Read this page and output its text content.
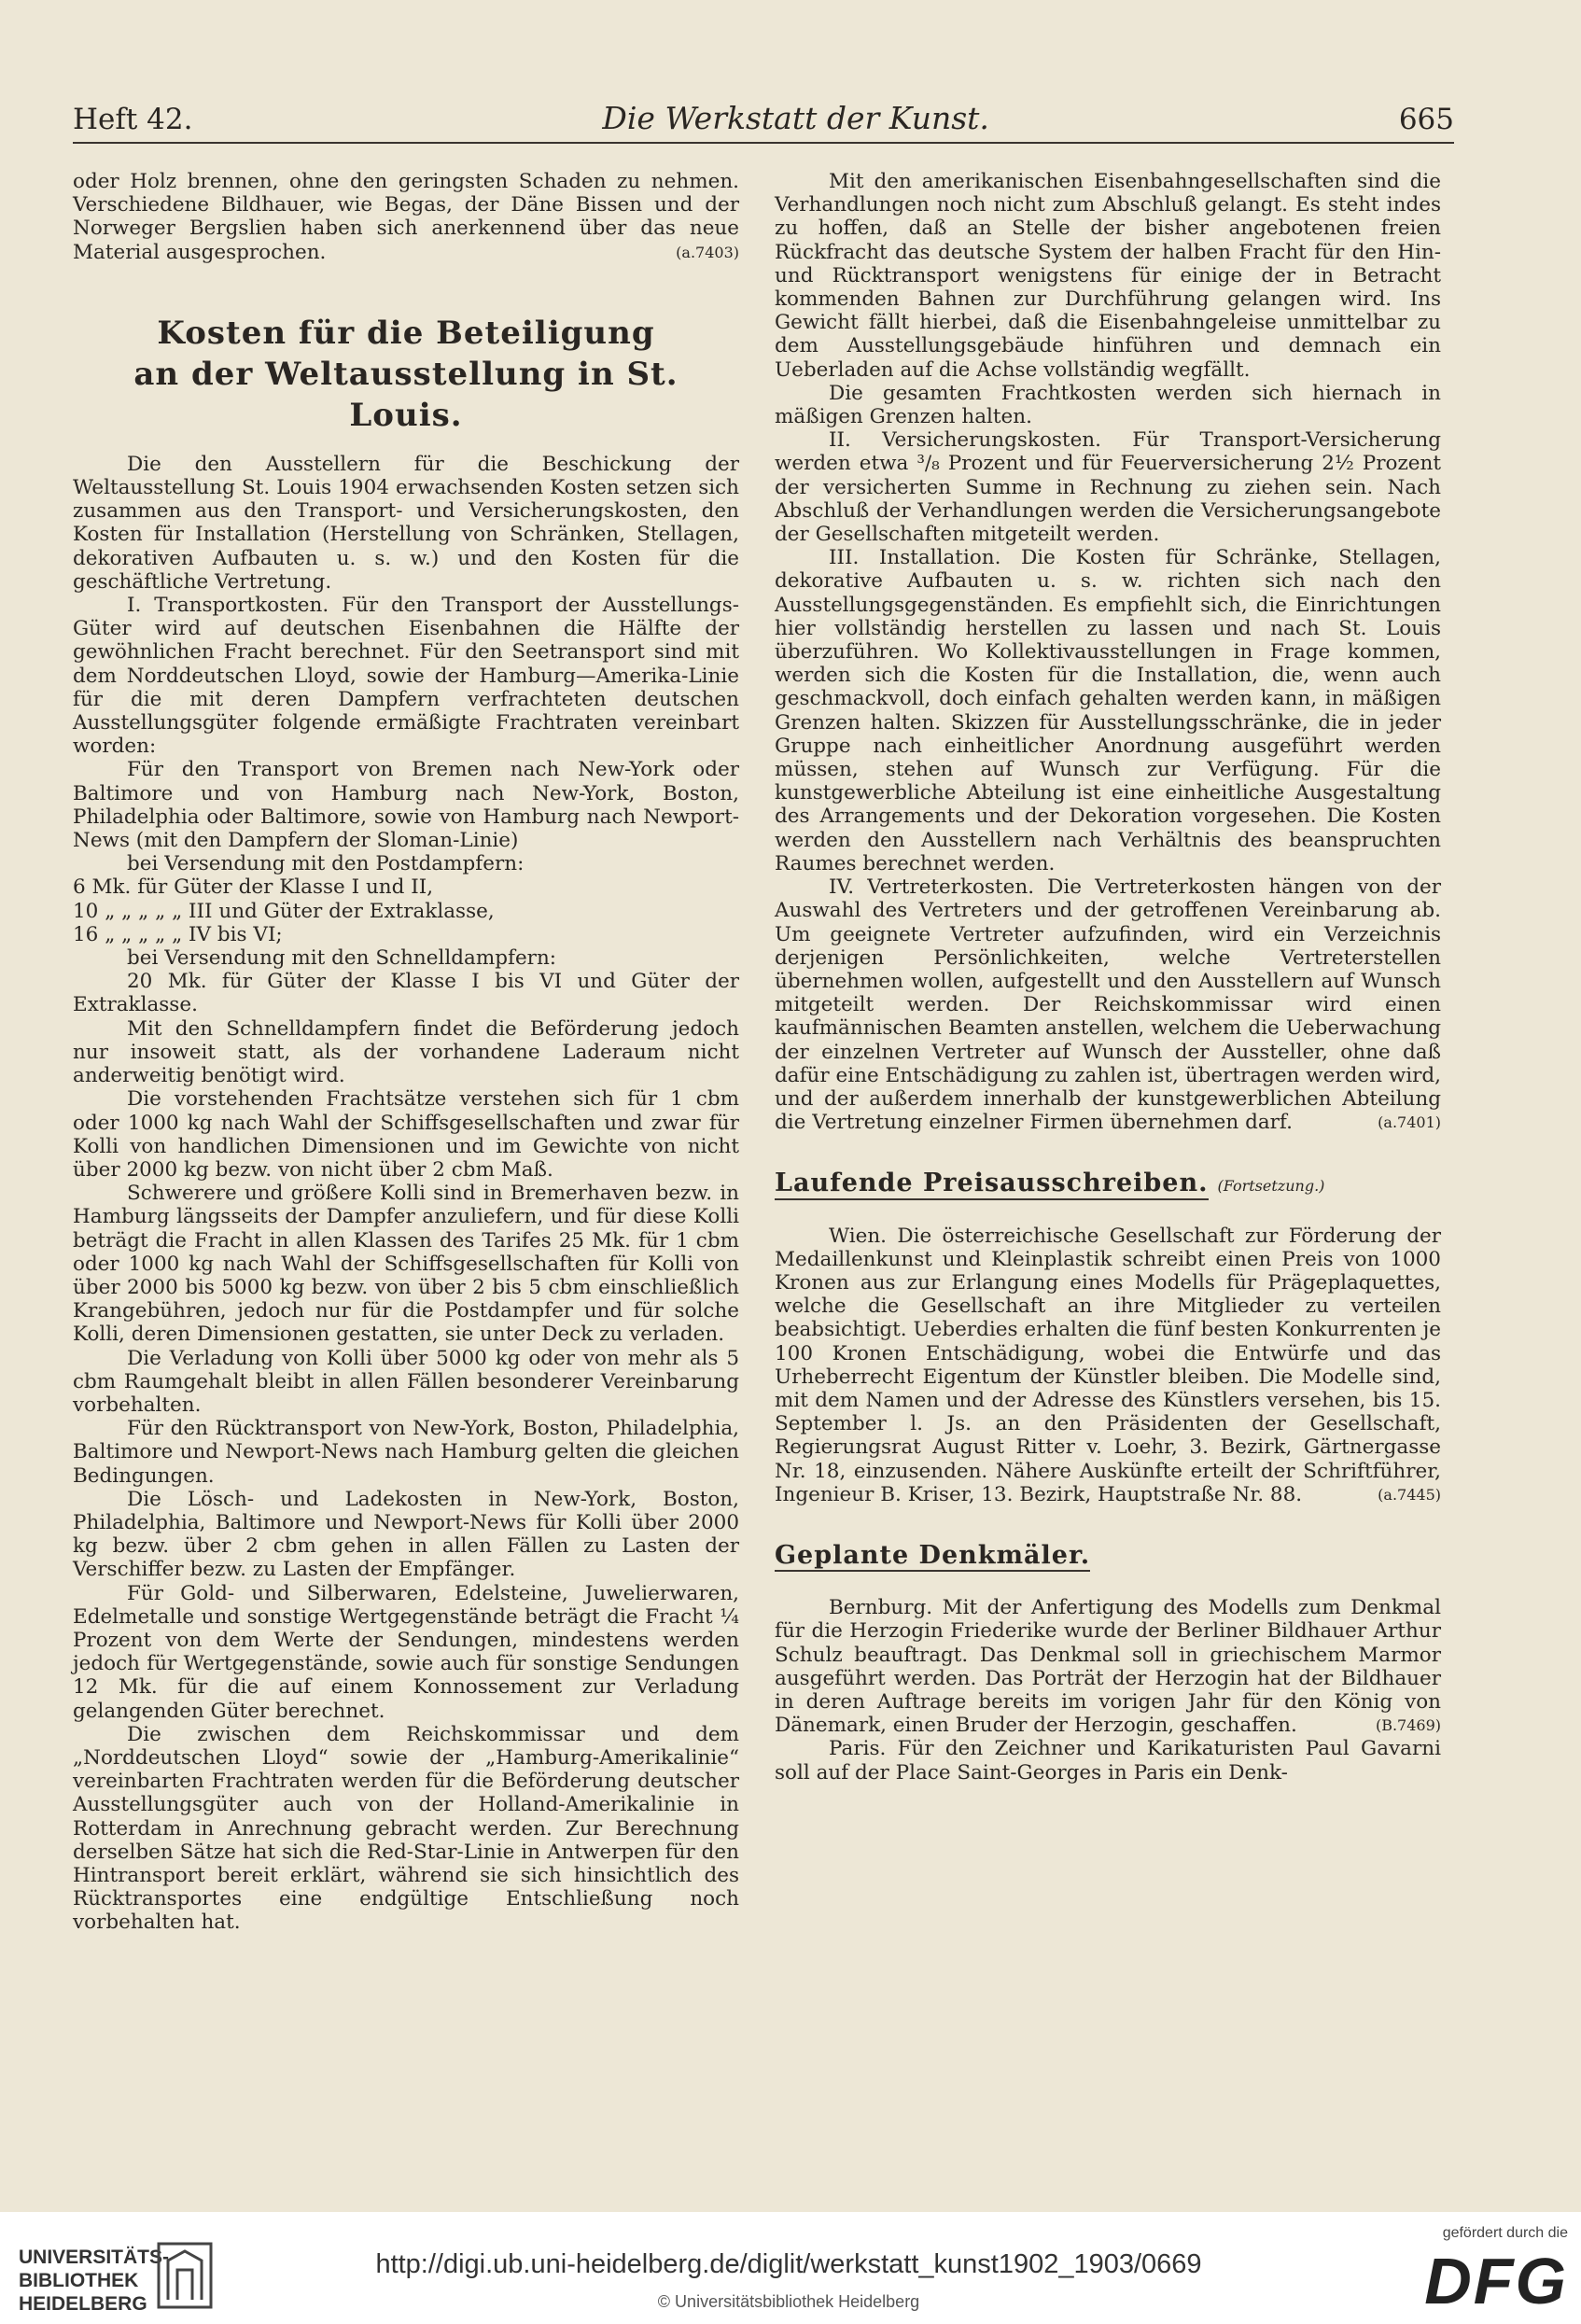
Heft 42.	Die Werkstatt der Kunst.	665

oder Holz brennen, ohne den geringsten Schaden zu nehmen. Verschiedene Bildhauer, wie Begas, der Däne Bissen und der Norweger Bergslien haben sich anerkennend über das neue Material ausgesprochen.	(a.7403)

Kosten für die Beteiligung
an der Weltausstellung in St. Louis.

Die den Ausstellern für die Beschickung der Weltausstellung St. Louis 1904 erwachsenden Kosten setzen sich zusammen aus den Transport- und Versicherungskosten, den Kosten für Installation (Herstellung von Schränken, Stellagen, dekorativen Aufbauten u. s. w.) und den Kosten für die geschäftliche Vertretung.

I. Transportkosten. Für den Transport der Ausstellungs-Güter wird auf deutschen Eisenbahnen die Hälfte der gewöhnlichen Fracht berechnet. Für den Seetransport sind mit dem Norddeutschen Lloyd, sowie der Hamburg—Amerika-Linie für die mit deren Dampfern verfrachteten deutschen Ausstellungsgüter folgende ermäßigte Frachtraten vereinbart worden:

Für den Transport von Bremen nach New-York oder Baltimore und von Hamburg nach New-York, Boston, Philadelphia oder Baltimore, sowie von Hamburg nach Newport-News (mit den Dampfern der Sloman-Linie)

bei Versendung mit den Postdampfern:

6 Mk. für Güter der Klasse I und II,

10 „ „ „ „ „ III und Güter der Extraklasse,

16 „ „ „ „ „ IV bis VI;

bei Versendung mit den Schnelldampfern:

20 Mk. für Güter der Klasse I bis VI und Güter der Extraklasse.

Mit den Schnelldampfern findet die Beförderung jedoch nur insoweit statt, als der vorhandene Laderaum nicht anderweitig benötigt wird.

Die vorstehenden Frachtsätze verstehen sich für 1 cbm oder 1000 kg nach Wahl der Schiffsgesellschaften und zwar für Kolli von handlichen Dimensionen und im Gewichte von nicht über 2000 kg bezw. von nicht über 2 cbm Maß.

Schwerere und größere Kolli sind in Bremerhaven bezw. in Hamburg längsseits der Dampfer anzuliefern, und für diese Kolli beträgt die Fracht in allen Klassen des Tarifes 25 Mk. für 1 cbm oder 1000 kg nach Wahl der Schiffsgesellschaften für Kolli von über 2000 bis 5000 kg bezw. von über 2 bis 5 cbm einschließlich Krangebühren, jedoch nur für die Postdampfer und für solche Kolli, deren Dimensionen gestatten, sie unter Deck zu verladen.

Die Verladung von Kolli über 5000 kg oder von mehr als 5 cbm Raumgehalt bleibt in allen Fällen besonderer Vereinbarung vorbehalten.

Für den Rücktransport von New-York, Boston, Philadelphia, Baltimore und Newport-News nach Hamburg gelten die gleichen Bedingungen.

Die Lösch- und Ladekosten in New-York, Boston, Philadelphia, Baltimore und Newport-News für Kolli über 2000 kg bezw. über 2 cbm gehen in allen Fällen zu Lasten der Verschiffer bezw. zu Lasten der Empfänger.

Für Gold- und Silberwaren, Edelsteine, Juwelierwaren, Edelmetalle und sonstige Wertgegenstände beträgt die Fracht ¼ Prozent von dem Werte der Sendungen, mindestens werden jedoch für Wertgegenstände, sowie auch für sonstige Sendungen 12 Mk. für die auf einem Konnossement zur Verladung gelangenden Güter berechnet.

Die zwischen dem Reichskommissar und dem „Norddeutschen Lloyd“ sowie der „Hamburg-Amerikalinie“ vereinbarten Frachtraten werden für die Beförderung deutscher Ausstellungsgüter auch von der Holland-Amerikalinie in Rotterdam in Anrechnung gebracht werden. Zur Berechnung derselben Sätze hat sich die Red-Star-Linie in Antwerpen für den Hintransport bereit erklärt, während sie sich hinsichtlich des Rücktransportes eine endgültige Entschließung noch vorbehalten hat.

Mit den amerikanischen Eisenbahngesellschaften sind die Verhandlungen noch nicht zum Abschluß gelangt. Es steht indes zu hoffen, daß an Stelle der bisher angebotenen freien Rückfracht das deutsche System der halben Fracht für den Hin- und Rücktransport wenigstens für einige der in Betracht kommenden Bahnen zur Durchführung gelangen wird. Ins Gewicht fällt hierbei, daß die Eisenbahngeleise unmittelbar zu dem Ausstellungsgebäude hinführen und demnach ein Ueberladen auf die Achse vollständig wegfällt.

Die gesamten Frachtkosten werden sich hiernach in mäßigen Grenzen halten.

II. Versicherungskosten. Für Transport-Versicherung werden etwa ³/₈ Prozent und für Feuerversicherung 2½ Prozent der versicherten Summe in Rechnung zu ziehen sein. Nach Abschluß der Verhandlungen werden die Versicherungsangebote der Gesellschaften mitgeteilt werden.

III. Installation. Die Kosten für Schränke, Stellagen, dekorative Aufbauten u. s. w. richten sich nach den Ausstellungsgegenständen. Es empfiehlt sich, die Einrichtungen hier vollständig herstellen zu lassen und nach St. Louis überzuführen. Wo Kollektivausstellungen in Frage kommen, werden sich die Kosten für die Installation, die, wenn auch geschmackvoll, doch einfach gehalten werden kann, in mäßigen Grenzen halten. Skizzen für Ausstellungsschränke, die in jeder Gruppe nach einheitlicher Anordnung ausgeführt werden müssen, stehen auf Wunsch zur Verfügung. Für die kunstgewerbliche Abteilung ist eine einheitliche Ausgestaltung des Arrangements und der Dekoration vorgesehen. Die Kosten werden den Ausstellern nach Verhältnis des beanspruchten Raumes berechnet werden.

IV. Vertreterkosten. Die Vertreterkosten hängen von der Auswahl des Vertreters und der getroffenen Vereinbarung ab. Um geeignete Vertreter aufzufinden, wird ein Verzeichnis derjenigen Persönlichkeiten, welche Vertreterstellen übernehmen wollen, aufgestellt und den Ausstellern auf Wunsch mitgeteilt werden. Der Reichskommissar wird einen kaufmännischen Beamten anstellen, welchem die Ueberwachung der einzelnen Vertreter auf Wunsch der Aussteller, ohne daß dafür eine Entschädigung zu zahlen ist, übertragen werden wird, und der außerdem innerhalb der kunstgewerblichen Abteilung die Vertretung einzelner Firmen übernehmen darf.	(a.7401)

Laufende Preisausschreiben. (Fortsetzung.)

Wien. Die österreichische Gesellschaft zur Förderung der Medaillenkunst und Kleinplastik schreibt einen Preis von 1000 Kronen aus zur Erlangung eines Modells für Prägeplaquettes, welche die Gesellschaft an ihre Mitglieder zu verteilen beabsichtigt. Ueberdies erhalten die fünf besten Konkurrenten je 100 Kronen Entschädigung, wobei die Entwürfe und das Urheberrecht Eigentum der Künstler bleiben. Die Modelle sind, mit dem Namen und der Adresse des Künstlers versehen, bis 15. September l. Js. an den Präsidenten der Gesellschaft, Regierungsrat August Ritter v. Loehr, 3. Bezirk, Gärtnergasse Nr. 18, einzusenden. Nähere Auskünfte erteilt der Schriftführer, Ingenieur B. Kriser, 13. Bezirk, Hauptstraße Nr. 88.	(a.7445)

Geplante Denkmäler.

Bernburg. Mit der Anfertigung des Modells zum Denkmal für die Herzogin Friederike wurde der Berliner Bildhauer Arthur Schulz beauftragt. Das Denkmal soll in griechischem Marmor ausgeführt werden. Das Porträt der Herzogin hat der Bildhauer in deren Auftrage bereits im vorigen Jahr für den König von Dänemark, einen Bruder der Herzogin, geschaffen.	(B.7469)

Paris. Für den Zeichner und Karikaturisten Paul Gavarni soll auf der Place Saint-Georges in Paris ein Denk-

UNIVERSITÄTS-
BIBLIOTHEK
HEIDELBERG
http://digi.ub.uni-heidelberg.de/diglit/werkstatt_kunst1902_1903/0669
© Universitätsbibliothek Heidelberg
gefördert durch die
DFG
